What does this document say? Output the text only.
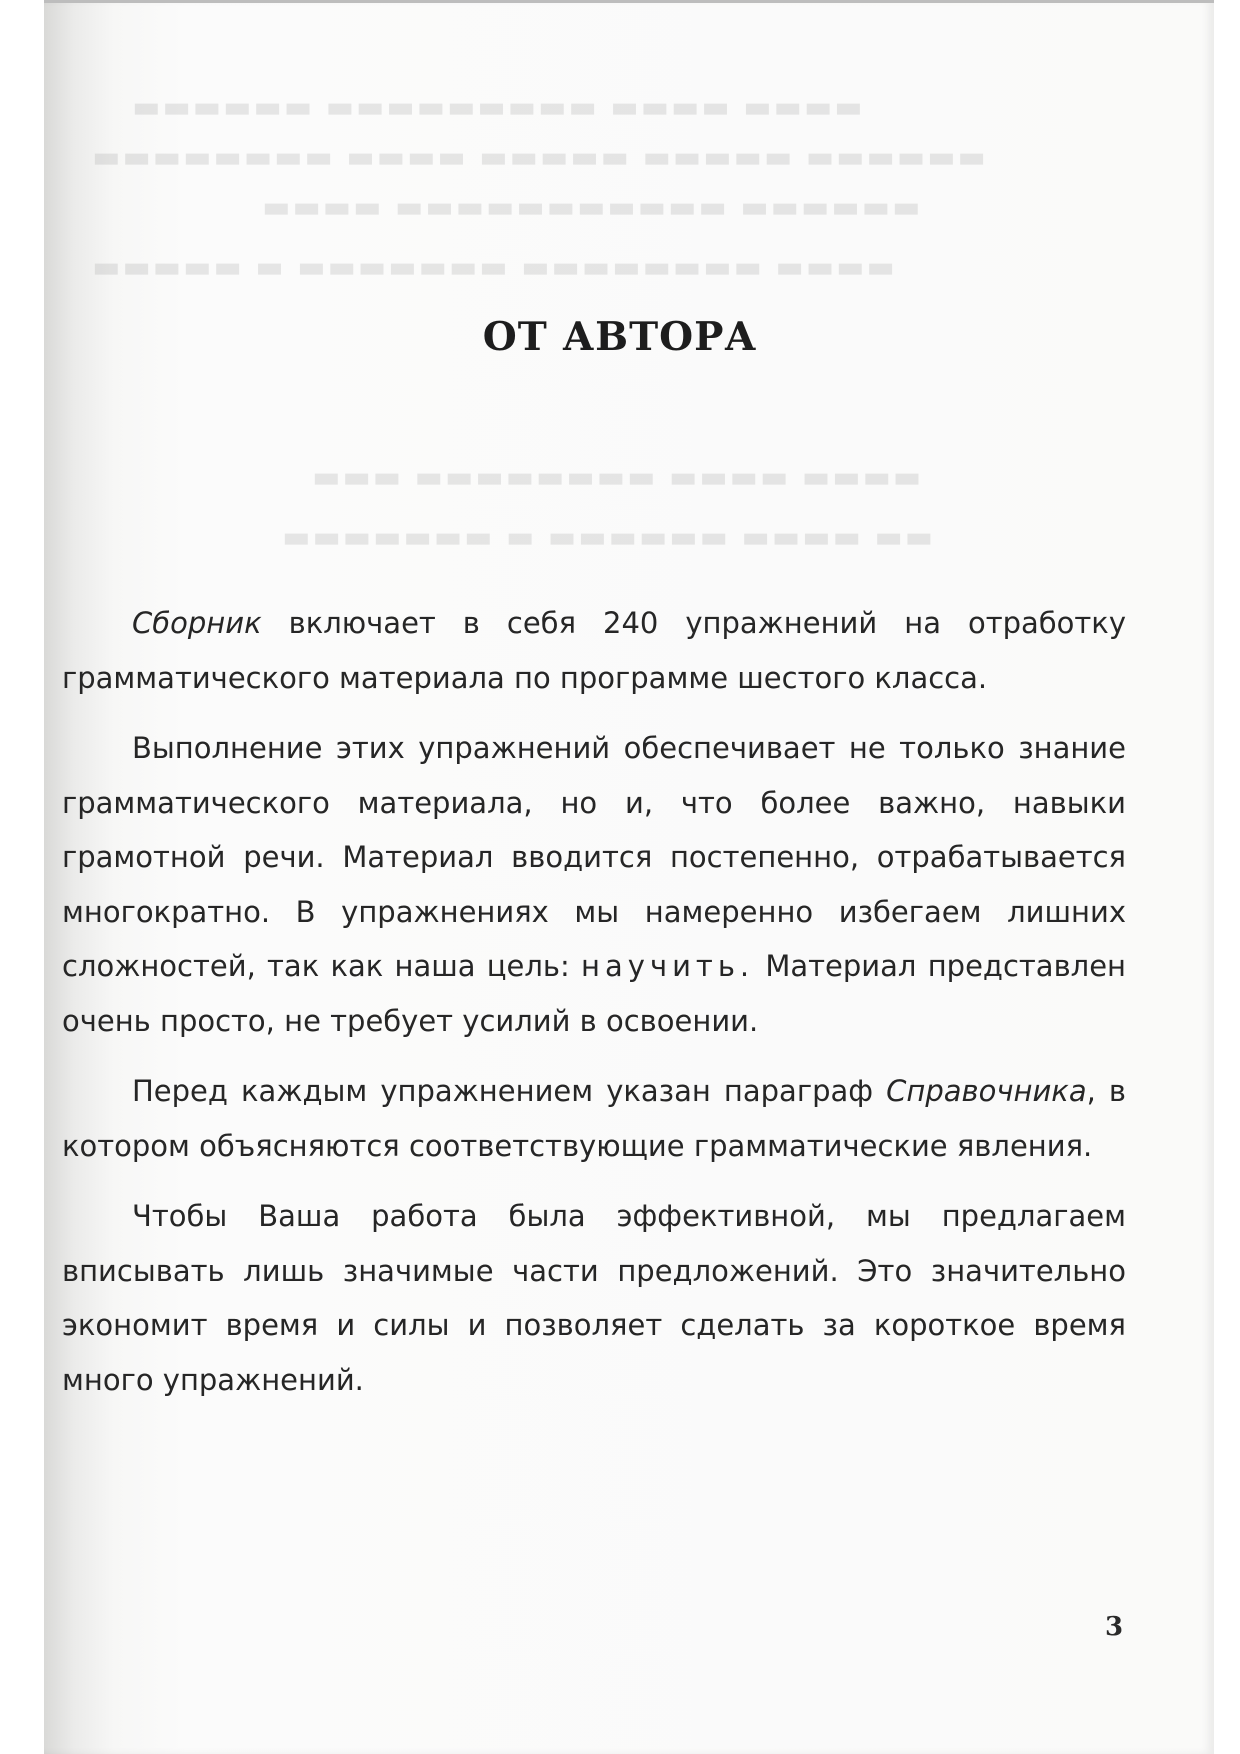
▬▬▬▬ ▬▬▬▬ ▬▬▬▬▬▬▬▬▬ ▬▬▬▬▬▬
▬▬▬▬▬▬ ▬▬▬▬▬ ▬▬▬▬▬ ▬▬▬▬ ▬▬▬▬▬▬▬▬
▬▬▬▬▬▬ ▬▬▬▬▬▬▬▬▬▬▬ ▬▬▬▬
▬▬▬▬ ▬▬▬▬▬▬▬▬ ▬▬▬▬▬▬▬ ▬ ▬▬▬▬▬
▬▬▬▬ ▬▬▬▬ ▬▬▬▬▬▬▬▬ ▬▬▬
▬▬ ▬▬▬▬ ▬▬▬▬▬▬ ▬ ▬▬▬▬▬▬▬
ОТ АВТОРА

Сборник включает в себя 240 упражнений на отработку грамматического материала по программе шестого класса.

Выполнение этих упражнений обеспечивает не только знание грамматического материала, но и, что более важно, навыки грамотной речи. Материал вводится постепенно, отрабатывается многократно. В упражнениях мы намеренно избегаем лишних сложностей, так как наша цель: научить. Материал представлен очень просто, не требует усилий в освоении.

Перед каждым упражнением указан параграф Справочника, в котором объясняются соответствующие грамматические явления.

Чтобы Ваша работа была эффективной, мы предлагаем вписывать лишь значимые части предложений. Это значительно экономит время и силы и позволяет сделать за короткое время много упражнений.

3
